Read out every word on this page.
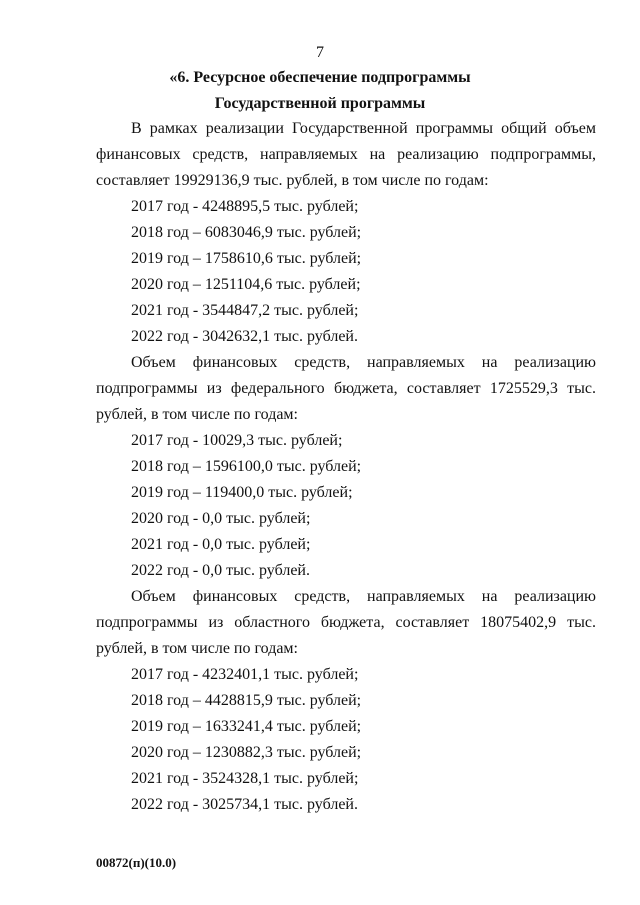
7
«6. Ресурсное обеспечение подпрограммы
Государственной программы

В рамках реализации Государственной программы общий объем финансовых средств, направляемых на реализацию подпрограммы, составляет 19929136,9 тыс. рублей, в том числе по годам:

2017 год - 4248895,5 тыс. рублей;

2018 год – 6083046,9 тыс. рублей;

2019 год – 1758610,6 тыс. рублей;

2020 год – 1251104,6 тыс. рублей;

2021 год - 3544847,2 тыс. рублей;

2022 год - 3042632,1 тыс. рублей.

Объем финансовых средств, направляемых на реализацию подпрограммы из федерального бюджета, составляет 1725529,3 тыс. рублей, в том числе по годам:

2017 год - 10029,3 тыс. рублей;

2018 год – 1596100,0 тыс. рублей;

2019 год – 119400,0 тыс. рублей;

2020 год - 0,0 тыс. рублей;

2021 год - 0,0 тыс. рублей;

2022 год - 0,0 тыс. рублей.

Объем финансовых средств, направляемых на реализацию подпрограммы из областного бюджета, составляет 18075402,9 тыс. рублей, в том числе по годам:

2017 год - 4232401,1 тыс. рублей;

2018 год – 4428815,9 тыс. рублей;

2019 год – 1633241,4 тыс. рублей;

2020 год – 1230882,3 тыс. рублей;

2021 год - 3524328,1 тыс. рублей;

2022 год - 3025734,1 тыс. рублей.

00872(п)(10.0)
